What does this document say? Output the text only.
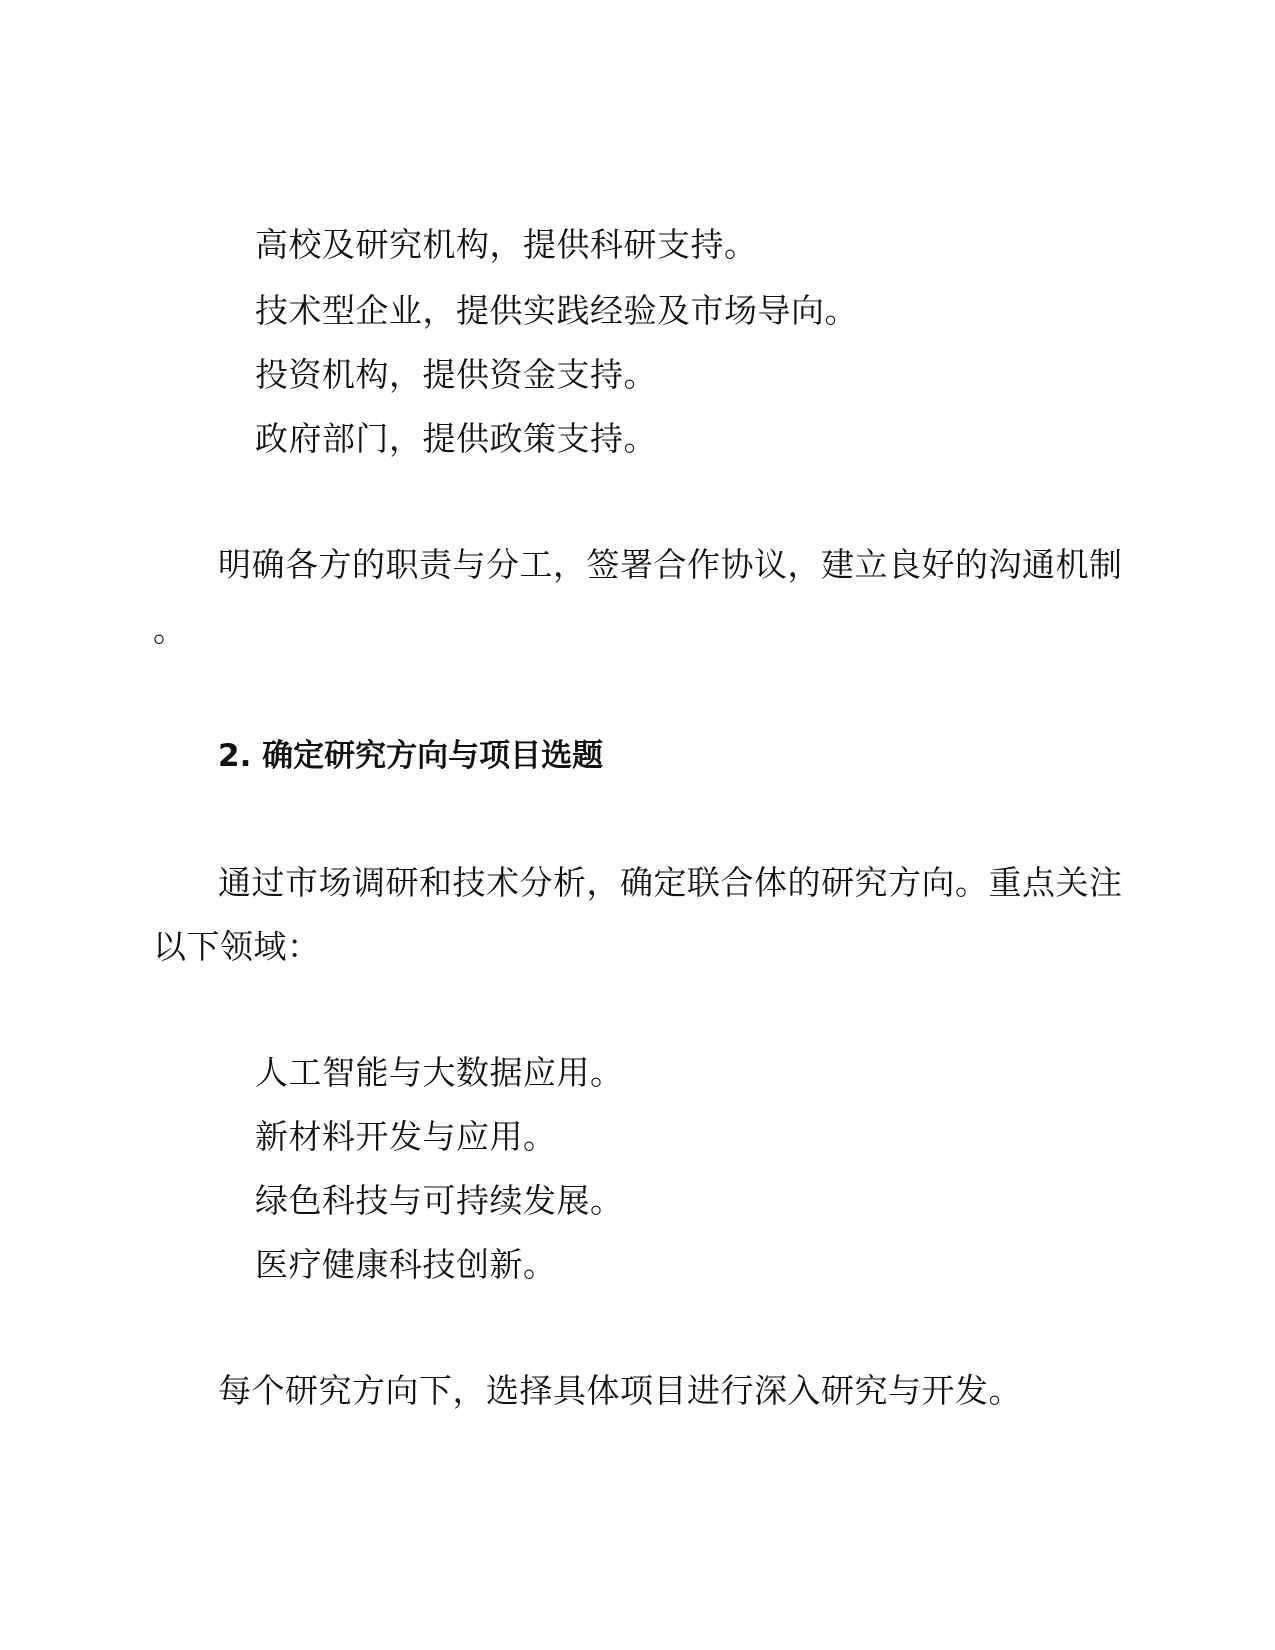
高校及研究机构，提供科研支持。
技术型企业，提供实践经验及市场导向。
投资机构，提供资金支持。
政府部门，提供政策支持。
明确各方的职责与分工，签署合作协议，建立良好的沟通机制
。
2. 确定研究方向与项目选题
通过市场调研和技术分析，确定联合体的研究方向。重点关注
以下领域：
人工智能与大数据应用。
新材料开发与应用。
绿色科技与可持续发展。
医疗健康科技创新。
每个研究方向下，选择具体项目进行深入研究与开发。
